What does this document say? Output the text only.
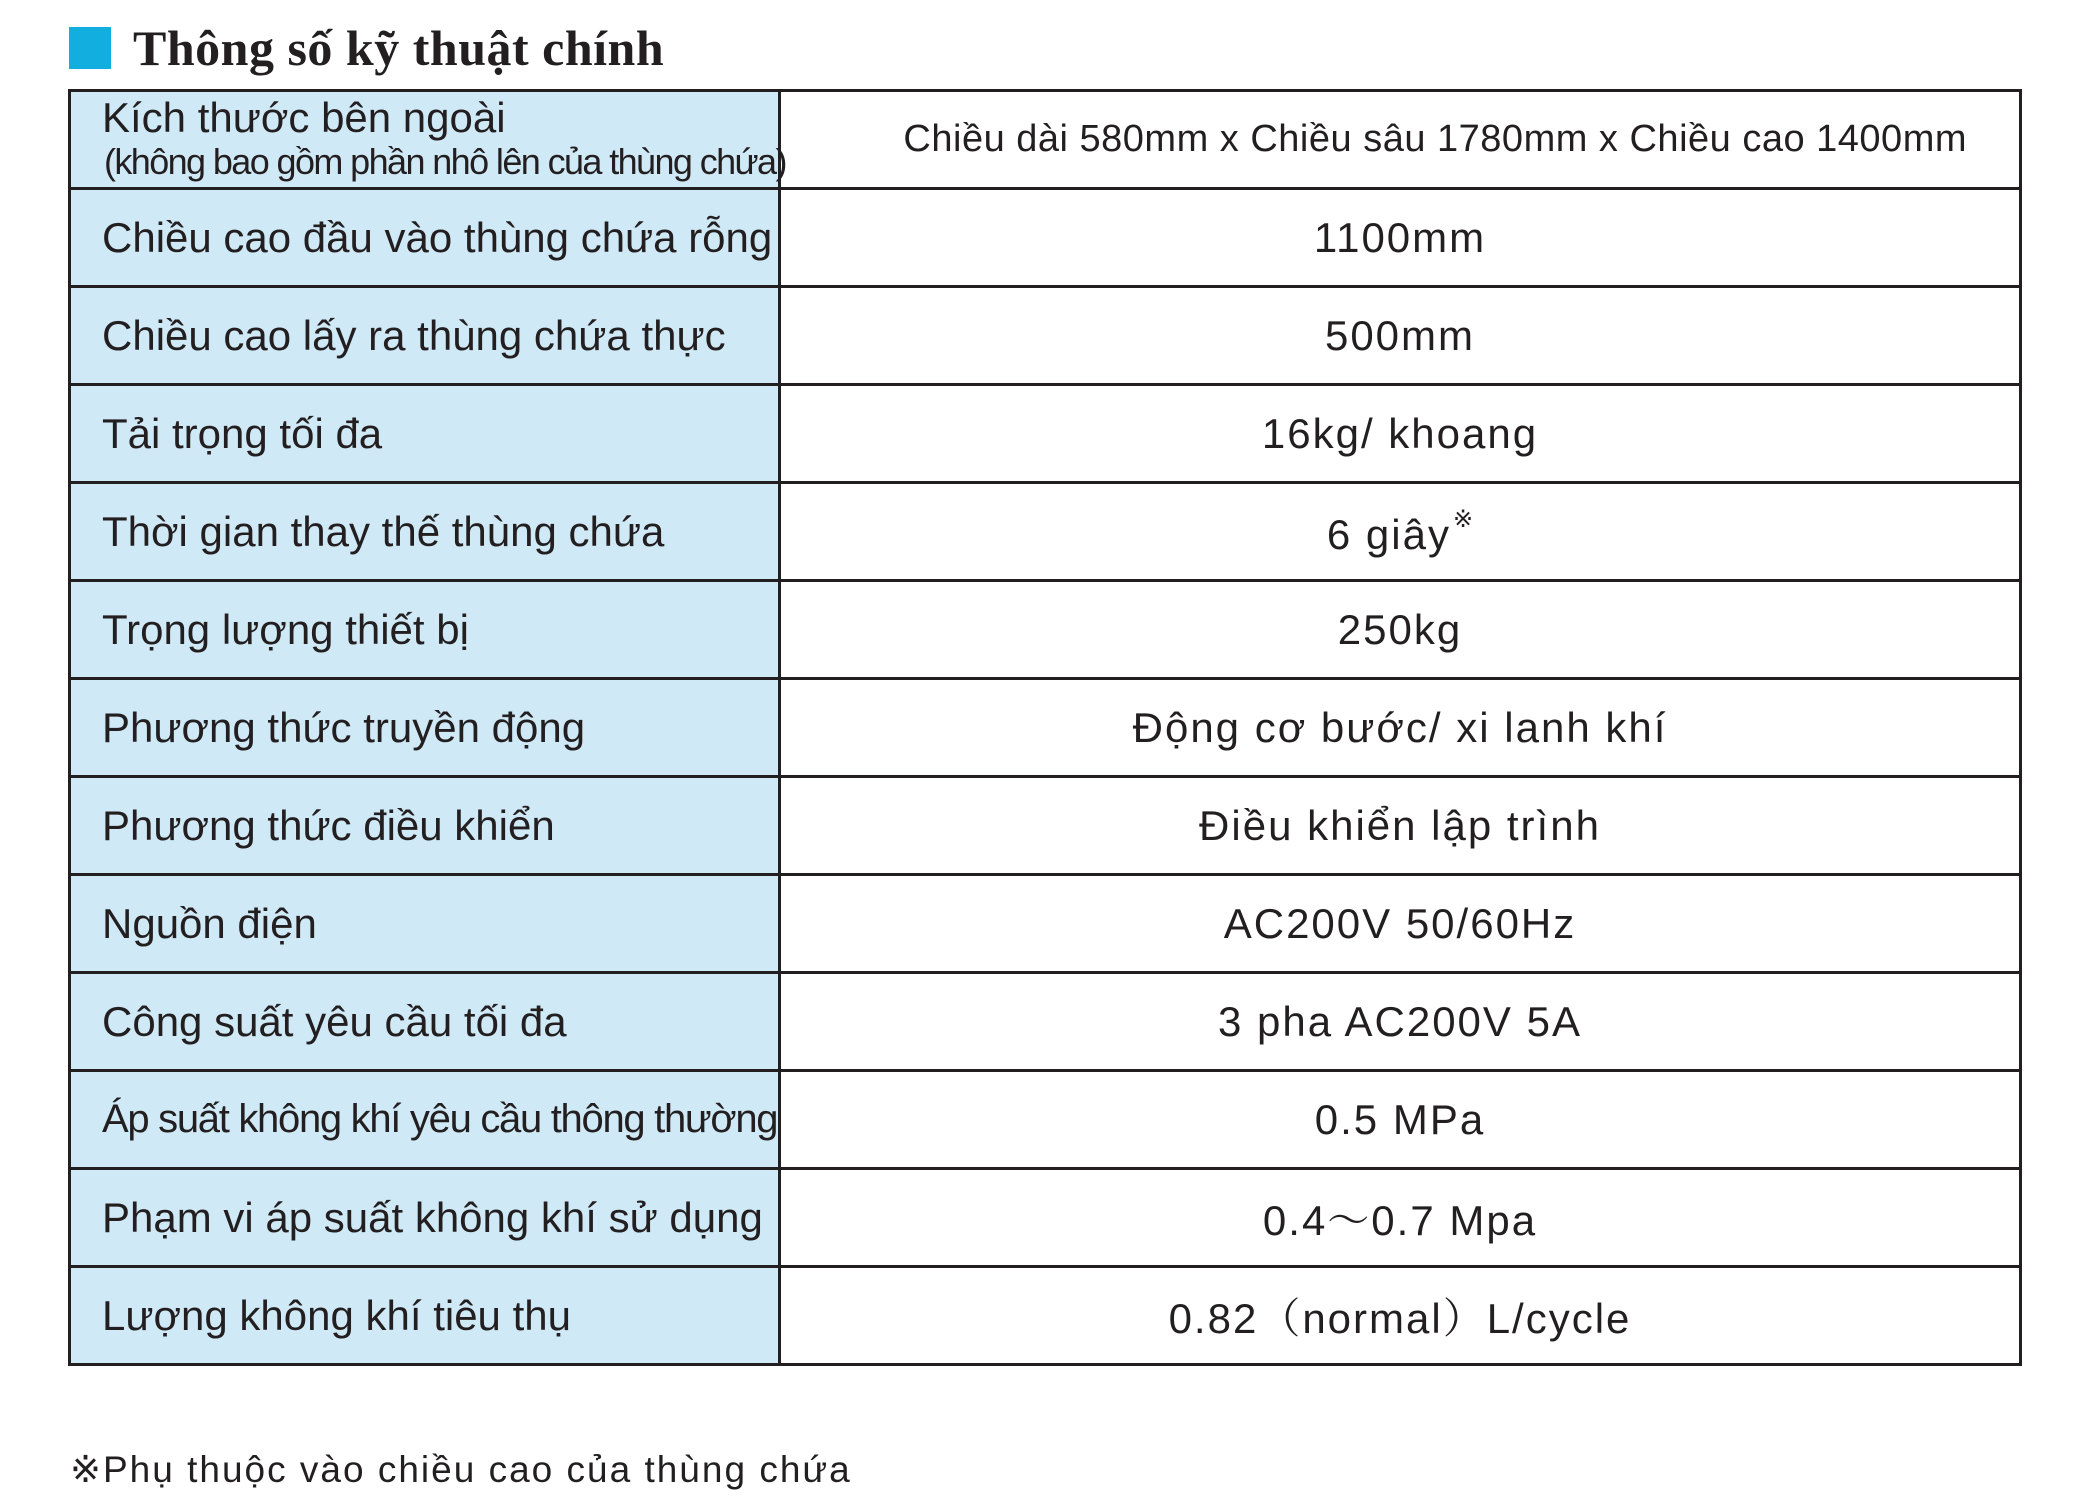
Thông số kỹ thuật chính
Kích thước bên ngoài
(không bao gồm phần nhô lên của thùng chứa)	Chiều dài 580mm x Chiều sâu 1780mm x Chiều cao 1400mm
Chiều cao đầu vào thùng chứa rỗng	1100mm
Chiều cao lấy ra thùng chứa thực	500mm
Tải trọng tối đa	16kg/ khoang
Thời gian thay thế thùng chứa	6 giây※
Trọng lượng thiết bị	250kg
Phương thức truyền động	Động cơ bước/ xi lanh khí
Phương thức điều khiển	Điều khiển lập trình
Nguồn điện	AC200V 50/60Hz
Công suất yêu cầu tối đa	3 pha AC200V 5A
Áp suất không khí yêu cầu thông thường	0.5 MPa
Phạm vi áp suất không khí sử dụng	0.4～0.7 Mpa
Lượng không khí tiêu thụ	0.82（normal）L/cycle
※Phụ thuộc vào chiều cao của thùng chứa
